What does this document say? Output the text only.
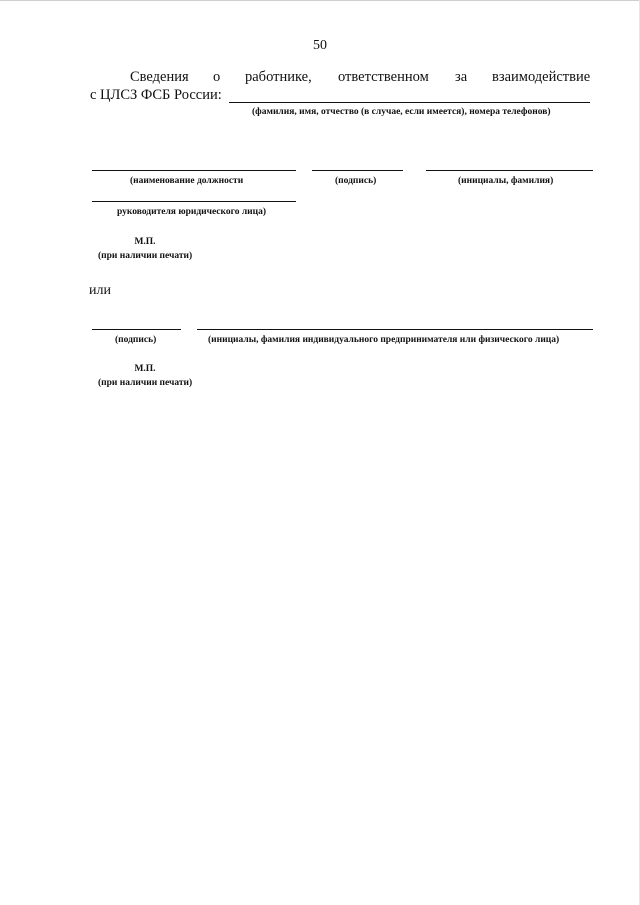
50
Сведения о работнике, ответственном за взаимодействие
с ЦЛСЗ ФСБ России:
(фамилия, имя, отчество (в случае, если имеется), номера телефонов)
(наименование должности	(подпись)	(инициалы, фамилия)
руководителя юридического лица)
М.П.
(при наличии печати)
или
(подпись)	(инициалы, фамилия индивидуального предпринимателя или физического лица)
М.П.
(при наличии печати)
